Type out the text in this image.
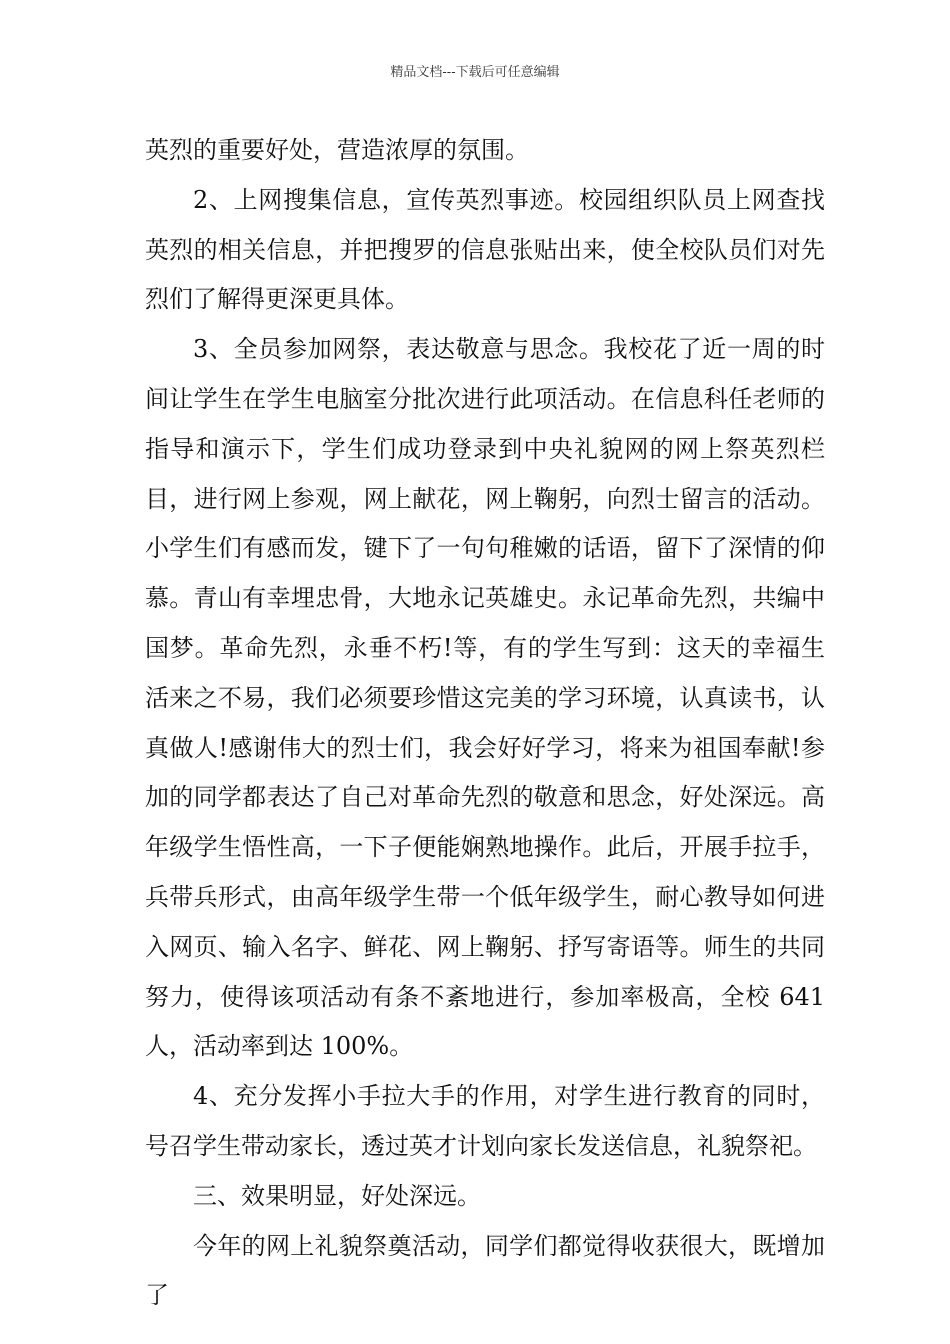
精品文档---下载后可任意编辑

英烈的重要好处，营造浓厚的氛围。

2、上网搜集信息，宣传英烈事迹。校园组织队员上网查找英烈的相关信息，并把搜罗的信息张贴出来，使全校队员们对先烈们了解得更深更具体。

3、全员参加网祭，表达敬意与思念。我校花了近一周的时间让学生在学生电脑室分批次进行此项活动。在信息科任老师的指导和演示下，学生们成功登录到中央礼貌网的网上祭英烈栏目，进行网上参观，网上献花，网上鞠躬，向烈士留言的活动。小学生们有感而发，键下了一句句稚嫩的话语，留下了深情的仰慕。青山有幸埋忠骨，大地永记英雄史。永记革命先烈，共编中国梦。革命先烈，永垂不朽!等，有的学生写到：这天的幸福生活来之不易，我们必须要珍惜这完美的学习环境，认真读书，认真做人!感谢伟大的烈士们，我会好好学习，将来为祖国奉献!参加的同学都表达了自己对革命先烈的敬意和思念，好处深远。高年级学生悟性高，一下子便能娴熟地操作。此后，开展手拉手，兵带兵形式，由高年级学生带一个低年级学生，耐心教导如何进入网页、输入名字、鲜花、网上鞠躬、抒写寄语等。师生的共同努力，使得该项活动有条不紊地进行，参加率极高，全校 641 人，活动率到达 100%。

4、充分发挥小手拉大手的作用，对学生进行教育的同时，号召学生带动家长，透过英才计划向家长发送信息，礼貌祭祀。

三、效果明显，好处深远。

今年的网上礼貌祭奠活动，同学们都觉得收获很大，既增加了
